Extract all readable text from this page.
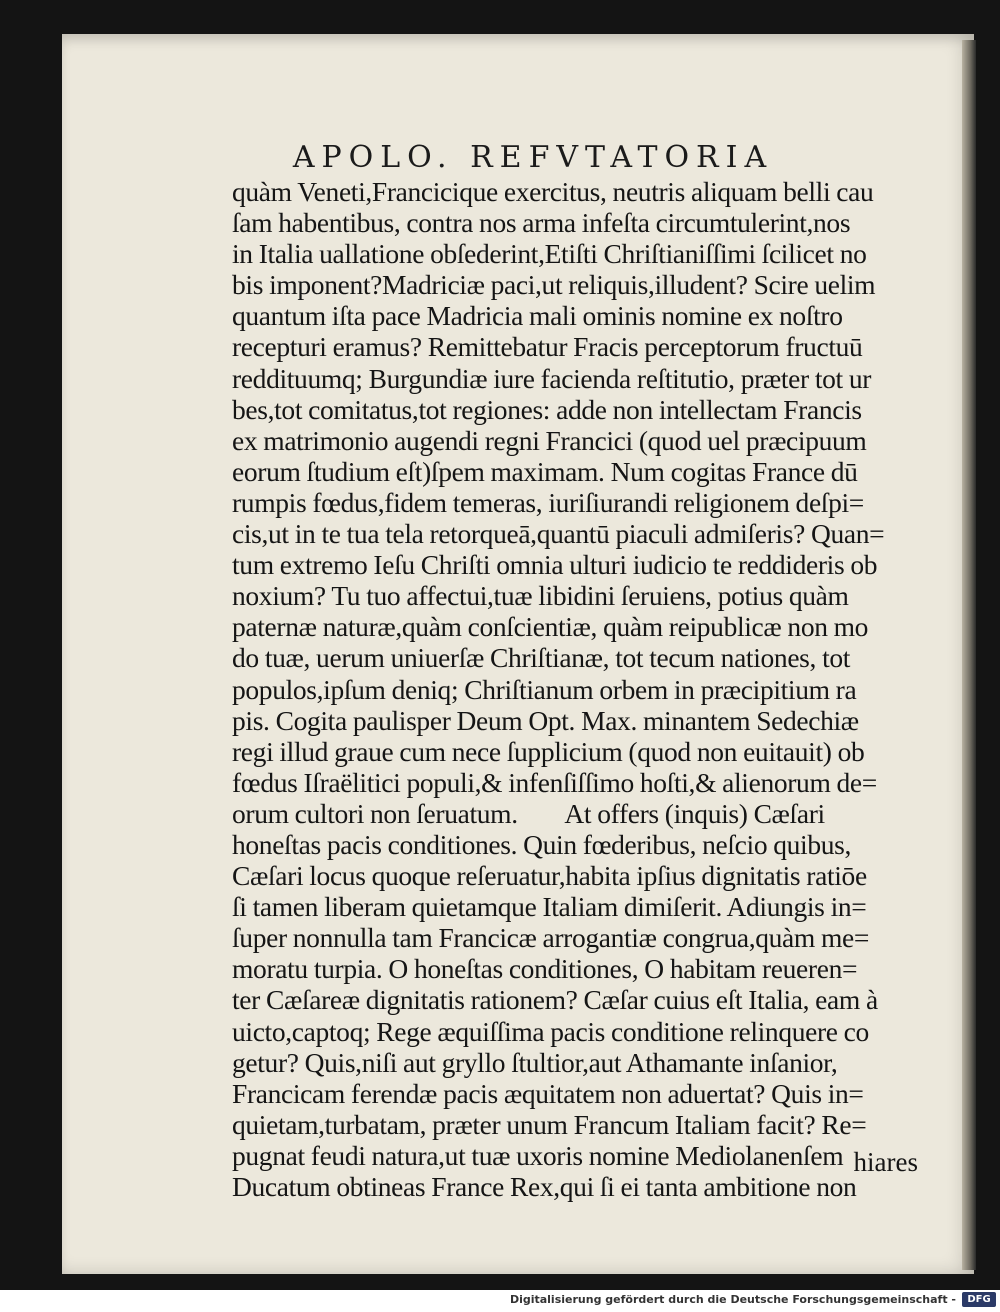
APOLO. REFVTATORIA
quàm Veneti,Francicique exercitus, neutris aliquam belli cau
ſam habentibus, contra nos arma infeſta circumtulerint,nos
in Italia uallatione obſederint,Etiſti Chriſtianiſſimi ſcilicet no
bis imponent?Madriciæ paci,ut reliquis,illudent? Scire uelim
quantum iſta pace Madricia mali ominis nomine ex noſtro
recepturi eramus? Remittebatur Fracis perceptorum fructuū
reddituumq; Burgundiæ iure facienda reſtitutio, præter tot ur
bes,tot comitatus,tot regiones: adde non intellectam Francis
ex matrimonio augendi regni Francici (quod uel præcipuum
eorum ſtudium eſt)ſpem maximam. Num cogitas France dū
rumpis fœdus,fidem temeras, iuriſiurandi religionem deſpi=
cis,ut in te tua tela retorqueā,quantū piaculi admiſeris? Quan=
tum extremo Ieſu Chriſti omnia ulturi iudicio te reddideris ob
noxium? Tu tuo affectui,tuæ libidini ſeruiens, potius quàm
paternæ naturæ,quàm conſcientiæ, quàm reipublicæ non mo
do tuæ, uerum uniuerſæ Chriſtianæ, tot tecum nationes, tot
populos,ipſum deniq; Chriſtianum orbem in præcipitium ra
pis. Cogita paulisper Deum Opt. Max. minantem Sedechiæ
regi illud graue cum nece ſupplicium (quod non euitauit) ob
fœdus Iſraëlitici populi,& infenſiſſimo hoſti,& alienorum de=
orum cultori non ſeruatum.        At offers (inquis) Cæſari
honeſtas pacis conditiones. Quin fœderibus, neſcio quibus,
Cæſari locus quoque reſeruatur,habita ipſius dignitatis ratiōe
ſi tamen liberam quietamque Italiam dimiſerit. Adiungis in=
ſuper nonnulla tam Francicæ arrogantiæ congrua,quàm me=
moratu turpia. O honeſtas conditiones, O habitam reueren=
ter Cæſareæ dignitatis rationem? Cæſar cuius eſt Italia, eam à
uicto,captoq; Rege æquiſſima pacis conditione relinquere co
getur? Quis,niſi aut gryllo ſtultior,aut Athamante inſanior,
Francicam ferendæ pacis æquitatem non aduertat? Quis in=
quietam,turbatam, præter unum Francum Italiam facit? Re=
pugnat feudi natura,ut tuæ uxoris nomine Mediolanenſem
Ducatum obtineas France Rex,qui ſi ei tanta ambitione non
hiares
Digitalisierung gefördert durch die Deutsche Forschungsgemeinschaft -	DFG
